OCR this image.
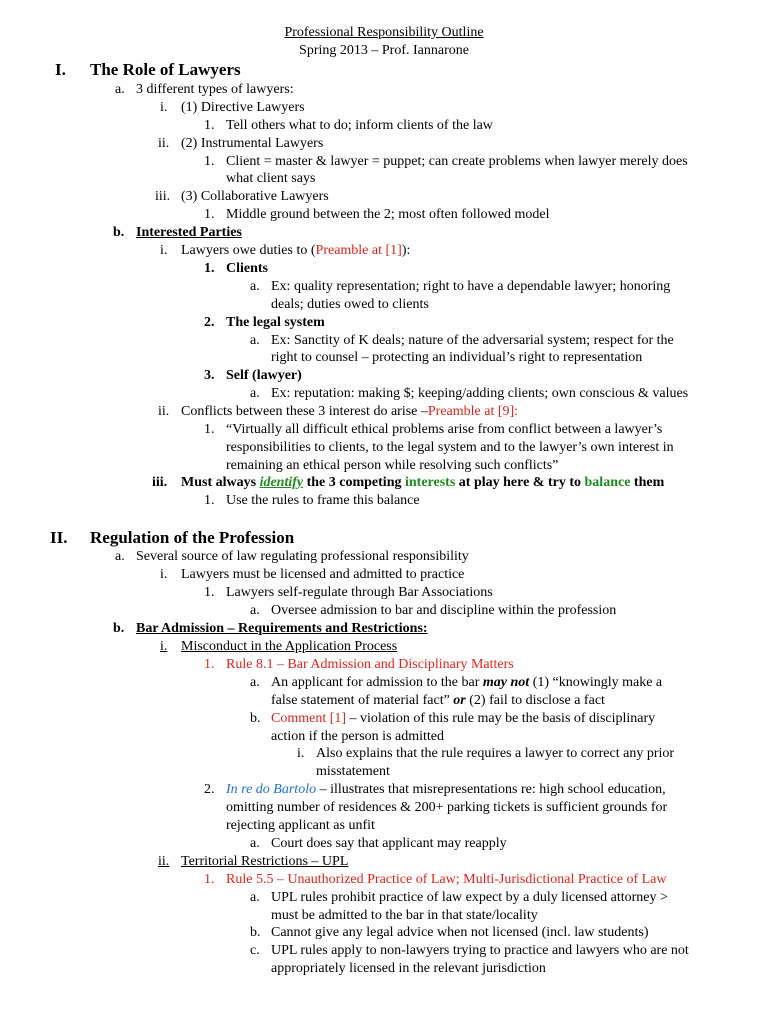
Professional Responsibility Outline
Spring 2013 – Prof. Iannarone
I. The Role of Lawyers
a. 3 different types of lawyers:
i. (1) Directive Lawyers
1. Tell others what to do; inform clients of the law
ii. (2) Instrumental Lawyers
1. Client = master & lawyer = puppet; can create problems when lawyer merely does
what client says
iii. (3) Collaborative Lawyers
1. Middle ground between the 2; most often followed model
b. Interested Parties
i. Lawyers owe duties to (Preamble at [1]):
1. Clients
a. Ex: quality representation; right to have a dependable lawyer; honoring
deals; duties owed to clients
2. The legal system
a. Ex: Sanctity of K deals; nature of the adversarial system; respect for the
right to counsel – protecting an individual’s right to representation
3. Self (lawyer)
a. Ex: reputation: making $; keeping/adding clients; own conscious & values
ii. Conflicts between these 3 interest do arise –Preamble at [9]:
1. “Virtually all difficult ethical problems arise from conflict between a lawyer’s
responsibilities to clients, to the legal system and to the lawyer’s own interest in
remaining an ethical person while resolving such conflicts”
iii. Must always identify the 3 competing interests at play here & try to balance them
1. Use the rules to frame this balance
II. Regulation of the Profession
a. Several source of law regulating professional responsibility
i. Lawyers must be licensed and admitted to practice
1. Lawyers self-regulate through Bar Associations
a. Oversee admission to bar and discipline within the profession
b. Bar Admission – Requirements and Restrictions:
i. Misconduct in the Application Process
1. Rule 8.1 – Bar Admission and Disciplinary Matters
a. An applicant for admission to the bar may not (1) “knowingly make a
false statement of material fact” or (2) fail to disclose a fact
b. Comment [1] – violation of this rule may be the basis of disciplinary
action if the person is admitted
i. Also explains that the rule requires a lawyer to correct any prior
misstatement
2. In re do Bartolo – illustrates that misrepresentations re: high school education,
omitting number of residences & 200+ parking tickets is sufficient grounds for
rejecting applicant as unfit
a. Court does say that applicant may reapply
ii. Territorial Restrictions – UPL
1. Rule 5.5 – Unauthorized Practice of Law; Multi-Jurisdictional Practice of Law
a. UPL rules prohibit practice of law expect by a duly licensed attorney >
must be admitted to the bar in that state/locality
b. Cannot give any legal advice when not licensed (incl. law students)
c. UPL rules apply to non-lawyers trying to practice and lawyers who are not
appropriately licensed in the relevant jurisdiction
